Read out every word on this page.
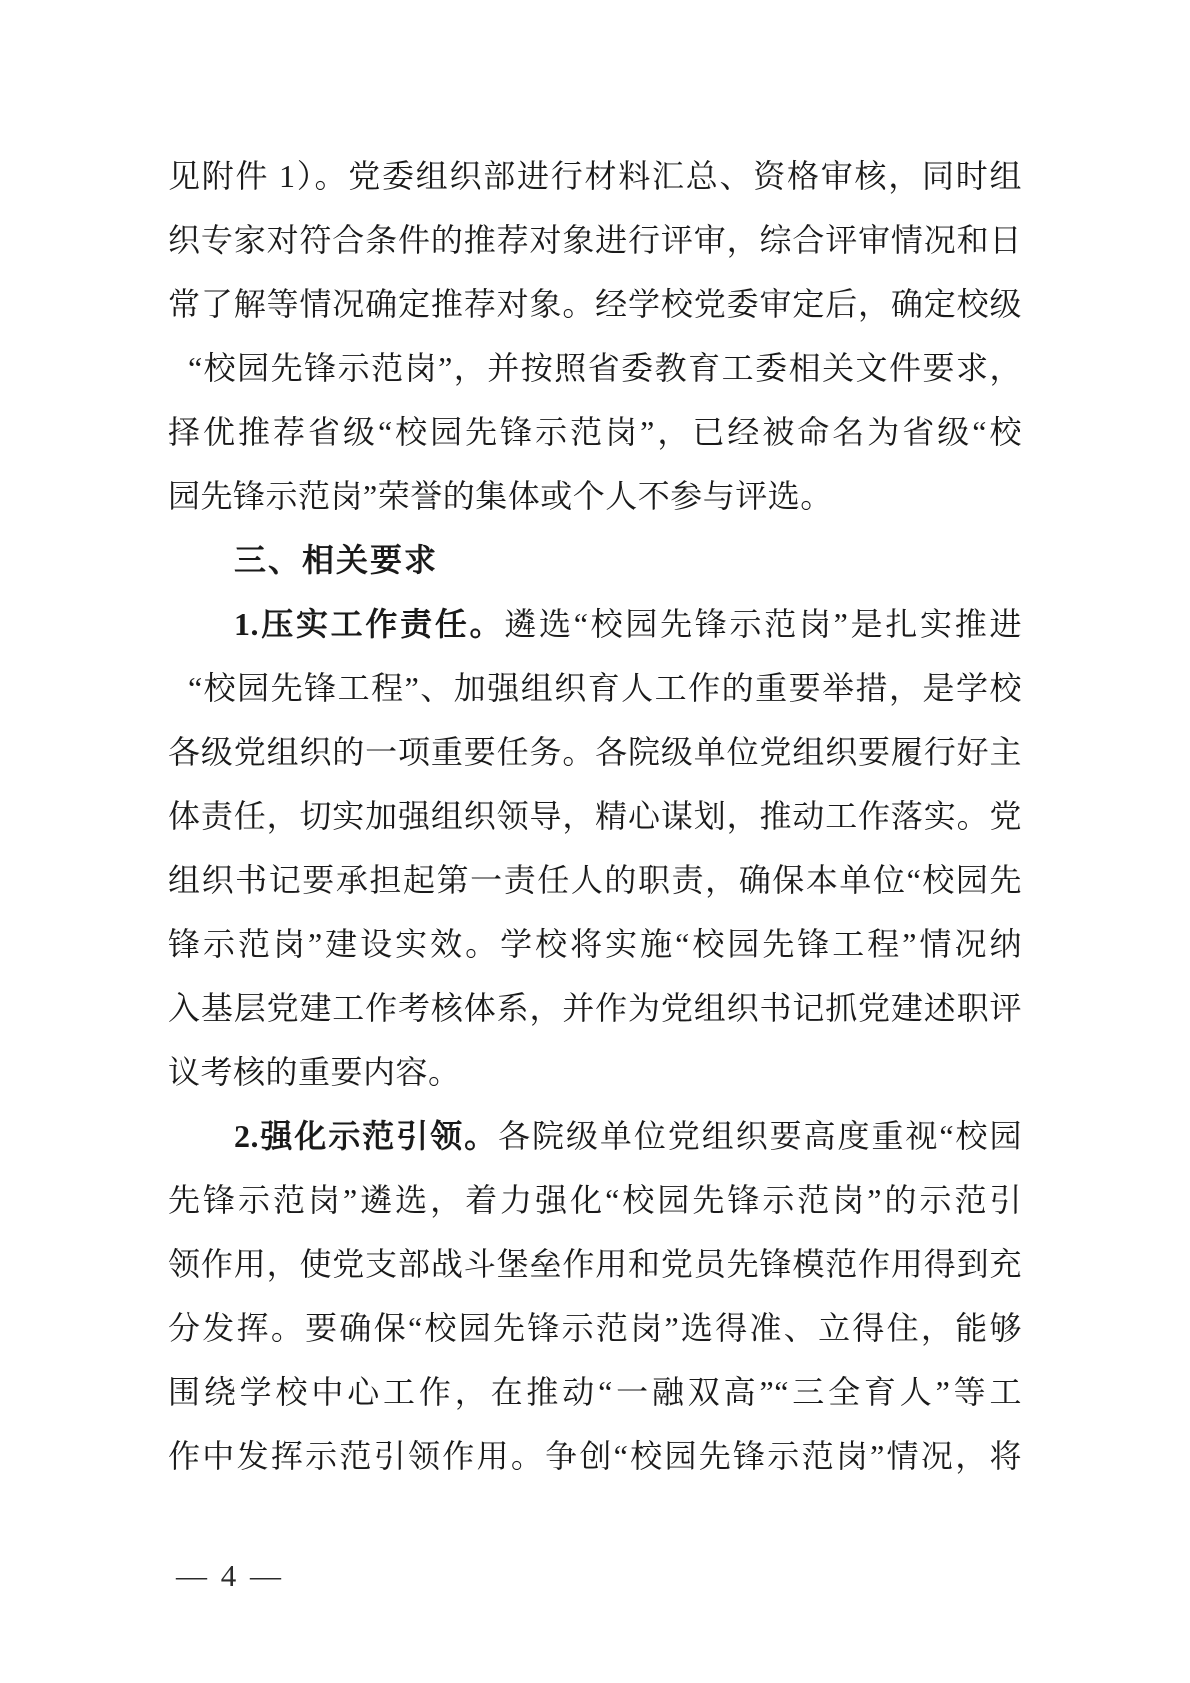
见附件 1）。党委组织部进行材料汇总、资格审核，同时组
织专家对符合条件的推荐对象进行评审，综合评审情况和日
常了解等情况确定推荐对象。经学校党委审定后，确定校级
“校园先锋示范岗”，并按照省委教育工委相关文件要求，
择优推荐省级“校园先锋示范岗”，已经被命名为省级“校
园先锋示范岗”荣誉的集体或个人不参与评选。
三、相关要求
1.压实工作责任。遴选“校园先锋示范岗”是扎实推进
“校园先锋工程”、加强组织育人工作的重要举措，是学校
各级党组织的一项重要任务。各院级单位党组织要履行好主
体责任，切实加强组织领导，精心谋划，推动工作落实。党
组织书记要承担起第一责任人的职责，确保本单位“校园先
锋示范岗”建设实效。学校将实施“校园先锋工程”情况纳
入基层党建工作考核体系，并作为党组织书记抓党建述职评
议考核的重要内容。
2.强化示范引领。各院级单位党组织要高度重视“校园
先锋示范岗”遴选，着力强化“校园先锋示范岗”的示范引
领作用，使党支部战斗堡垒作用和党员先锋模范作用得到充
分发挥。要确保“校园先锋示范岗”选得准、立得住，能够
围绕学校中心工作，在推动“一融双高”“三全育人”等工
作中发挥示范引领作用。争创“校园先锋示范岗”情况，将
— 4 —
